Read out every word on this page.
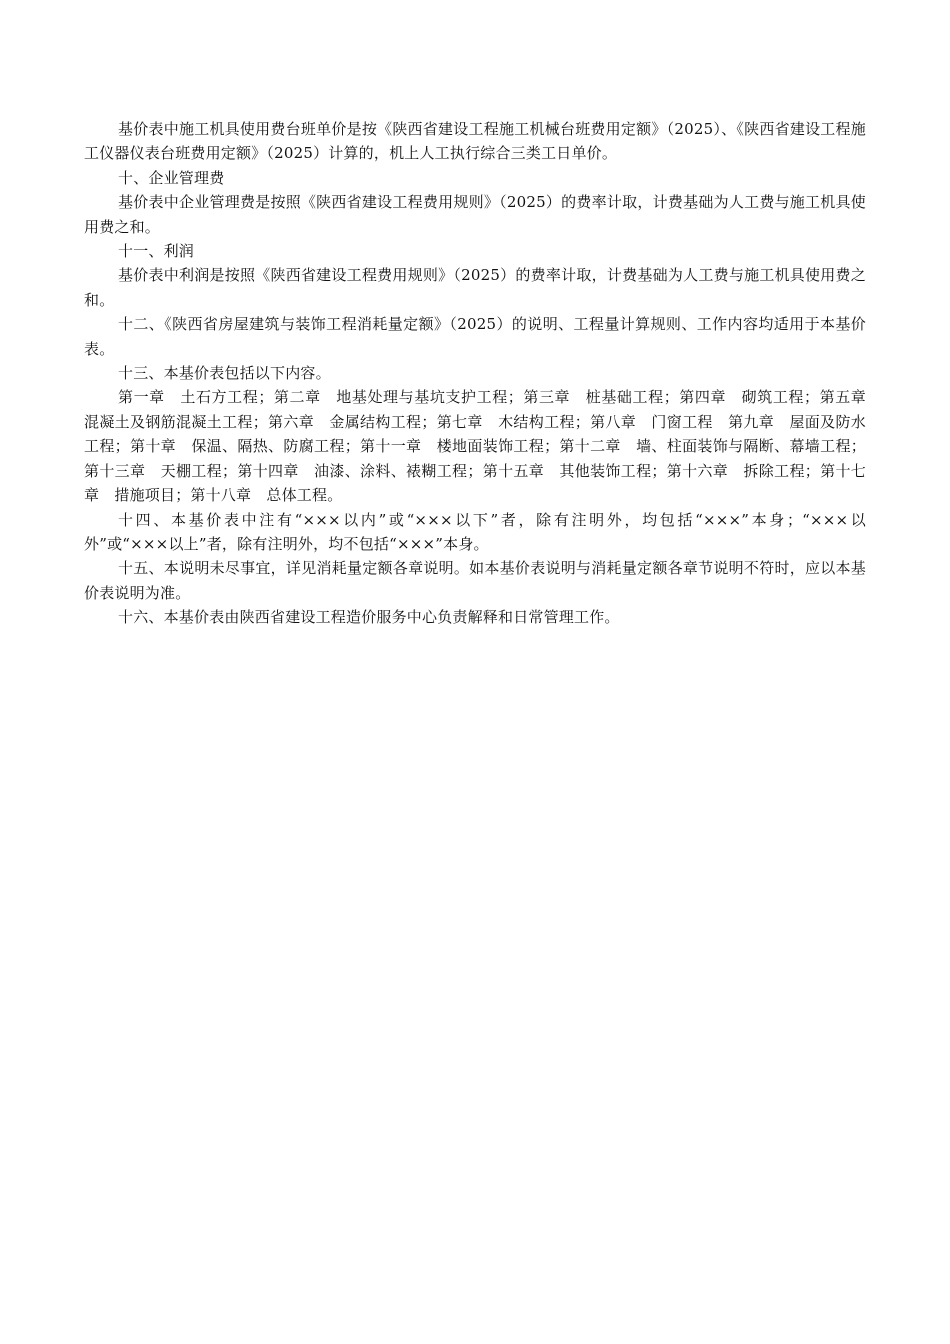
基价表中施工机具使用费台班单价是按《陕西省建设工程施工机械台班费用定额》（2025）、《陕西省建设工程施工仪器仪表台班费用定额》（2025）计算的，机上人工执行综合三类工日单价。

十、企业管理费

基价表中企业管理费是按照《陕西省建设工程费用规则》（2025）的费率计取，计费基础为人工费与施工机具使用费之和。

十一、利润

基价表中利润是按照《陕西省建设工程费用规则》（2025）的费率计取，计费基础为人工费与施工机具使用费之和。

十二、《陕西省房屋建筑与装饰工程消耗量定额》（2025）的说明、工程量计算规则、工作内容均适用于本基价表。

十三、本基价表包括以下内容。

第一章　土石方工程；第二章　地基处理与基坑支护工程；第三章　桩基础工程；第四章　砌筑工程；第五章　混凝土及钢筋混凝土工程；第六章　金属结构工程；第七章　木结构工程；第八章　门窗工程　第九章　屋面及防水工程；第十章　保温、隔热、防腐工程；第十一章　楼地面装饰工程；第十二章　墙、柱面装饰与隔断、幕墙工程；第十三章　天棚工程；第十四章　油漆、涂料、裱糊工程；第十五章　其他装饰工程；第十六章　拆除工程；第十七章　措施项目；第十八章　总体工程。

十四、本基价表中注有“×××以内”或“×××以下”者，除有注明外，均包括“×××”本身；“×××以外”或“×××以上”者，除有注明外，均不包括“×××”本身。

十五、本说明未尽事宜，详见消耗量定额各章说明。如本基价表说明与消耗量定额各章节说明不符时，应以本基价表说明为准。

十六、本基价表由陕西省建设工程造价服务中心负责解释和日常管理工作。
